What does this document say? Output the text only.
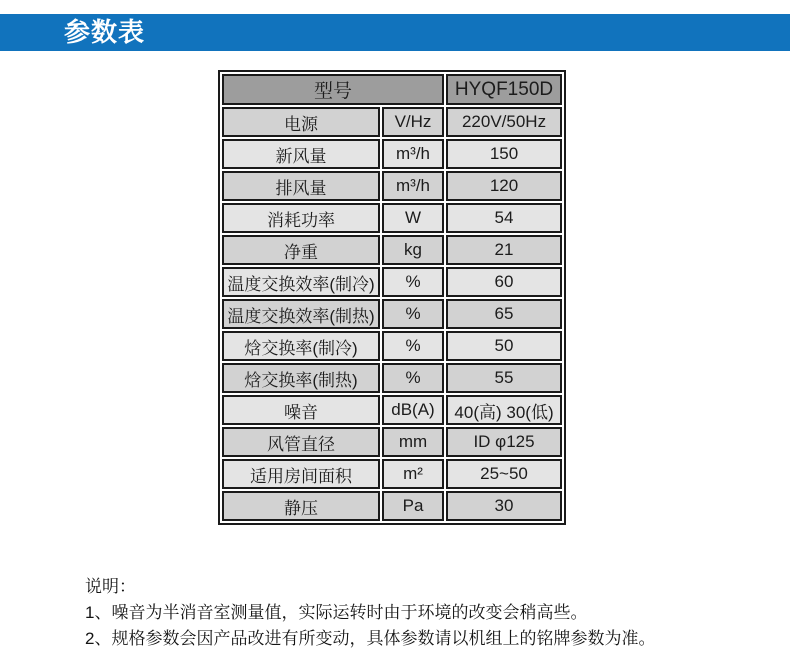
参数表
型号		HYQF150D
电源	V/Hz	220V/50Hz
新风量	m³/h	150
排风量	m³/h	120
消耗功率	W	54
净重	kg	21
温度交换效率(制冷)	%	60
温度交换效率(制热)	%	65
焓交换率(制冷)	%	50
焓交换率(制热)	%	55
噪音	dB(A)	40(高) 30(低)
风管直径	mm	ID φ125
适用房间面积	m²	25~50
静压	Pa	30

说明：

1、噪音为半消音室测量值，实际运转时由于环境的改变会稍高些。

2、规格参数会因产品改进有所变动，具体参数请以机组上的铭牌参数为准。
